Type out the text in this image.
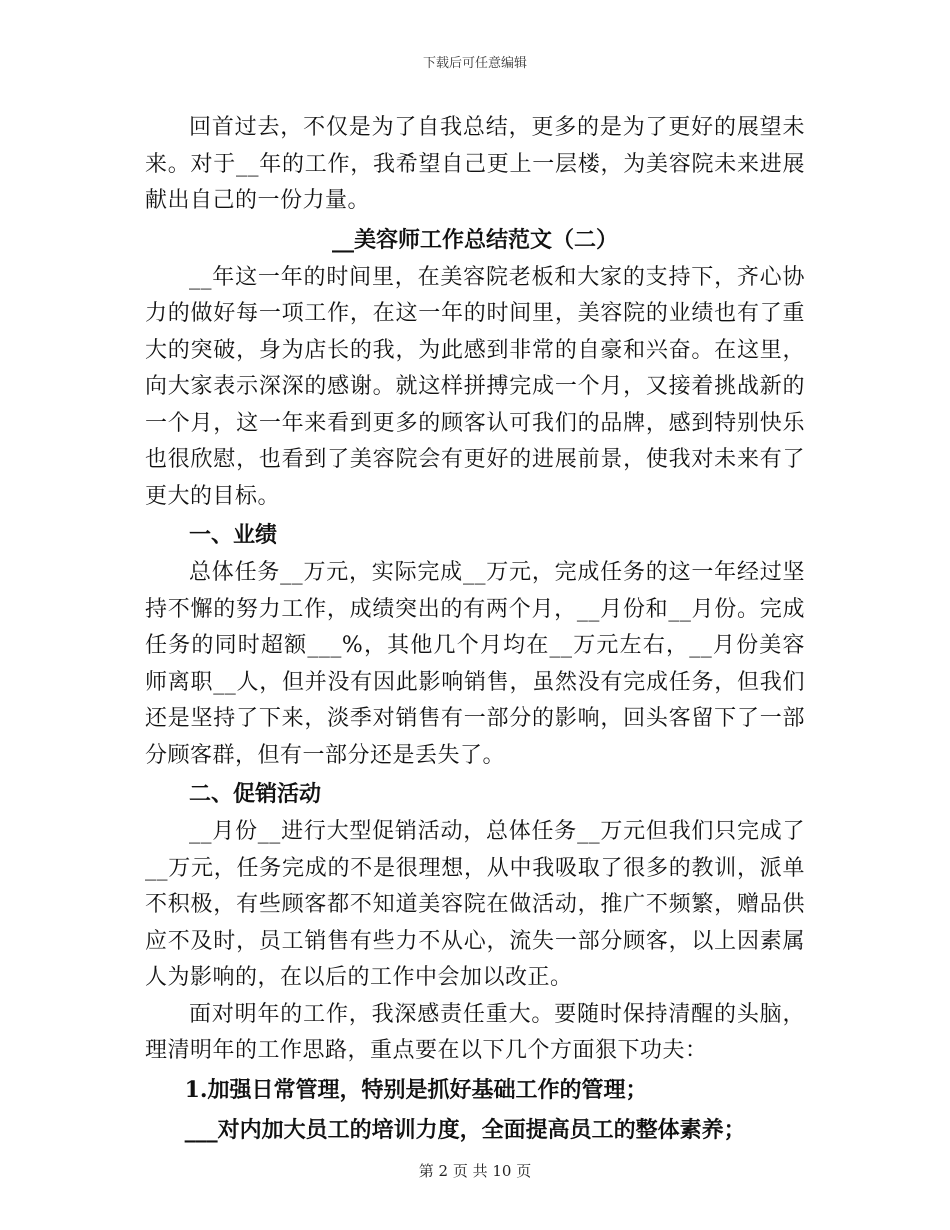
下载后可任意编辑

回首过去，不仅是为了自我总结，更多的是为了更好的展望未来。对于__年的工作，我希望自己更上一层楼，为美容院未来进展献出自己的一份力量。

__美容师工作总结范文（二）

__年这一年的时间里，在美容院老板和大家的支持下，齐心协力的做好每一项工作，在这一年的时间里，美容院的业绩也有了重大的突破，身为店长的我，为此感到非常的自豪和兴奋。在这里，向大家表示深深的感谢。就这样拼搏完成一个月，又接着挑战新的一个月，这一年来看到更多的顾客认可我们的品牌，感到特别快乐也很欣慰，也看到了美容院会有更好的进展前景，使我对未来有了更大的目标。

一、业绩

总体任务__万元，实际完成__万元，完成任务的这一年经过坚持不懈的努力工作，成绩突出的有两个月，__月份和__月份。完成任务的同时超额___%，其他几个月均在__万元左右，__月份美容师离职__人，但并没有因此影响销售，虽然没有完成任务，但我们还是坚持了下来，淡季对销售有一部分的影响，回头客留下了一部分顾客群，但有一部分还是丢失了。

二、促销活动

__月份__进行大型促销活动，总体任务__万元但我们只完成了__万元，任务完成的不是很理想，从中我吸取了很多的教训，派单不积极，有些顾客都不知道美容院在做活动，推广不频繁，赠品供应不及时，员工销售有些力不从心，流失一部分顾客，以上因素属人为影响的，在以后的工作中会加以改正。

面对明年的工作，我深感责任重大。要随时保持清醒的头脑，理清明年的工作思路，重点要在以下几个方面狠下功夫：

1.加强日常管理，特别是抓好基础工作的管理；

___对内加大员工的培训力度，全面提高员工的整体素养；

第 2 页 共 10 页
